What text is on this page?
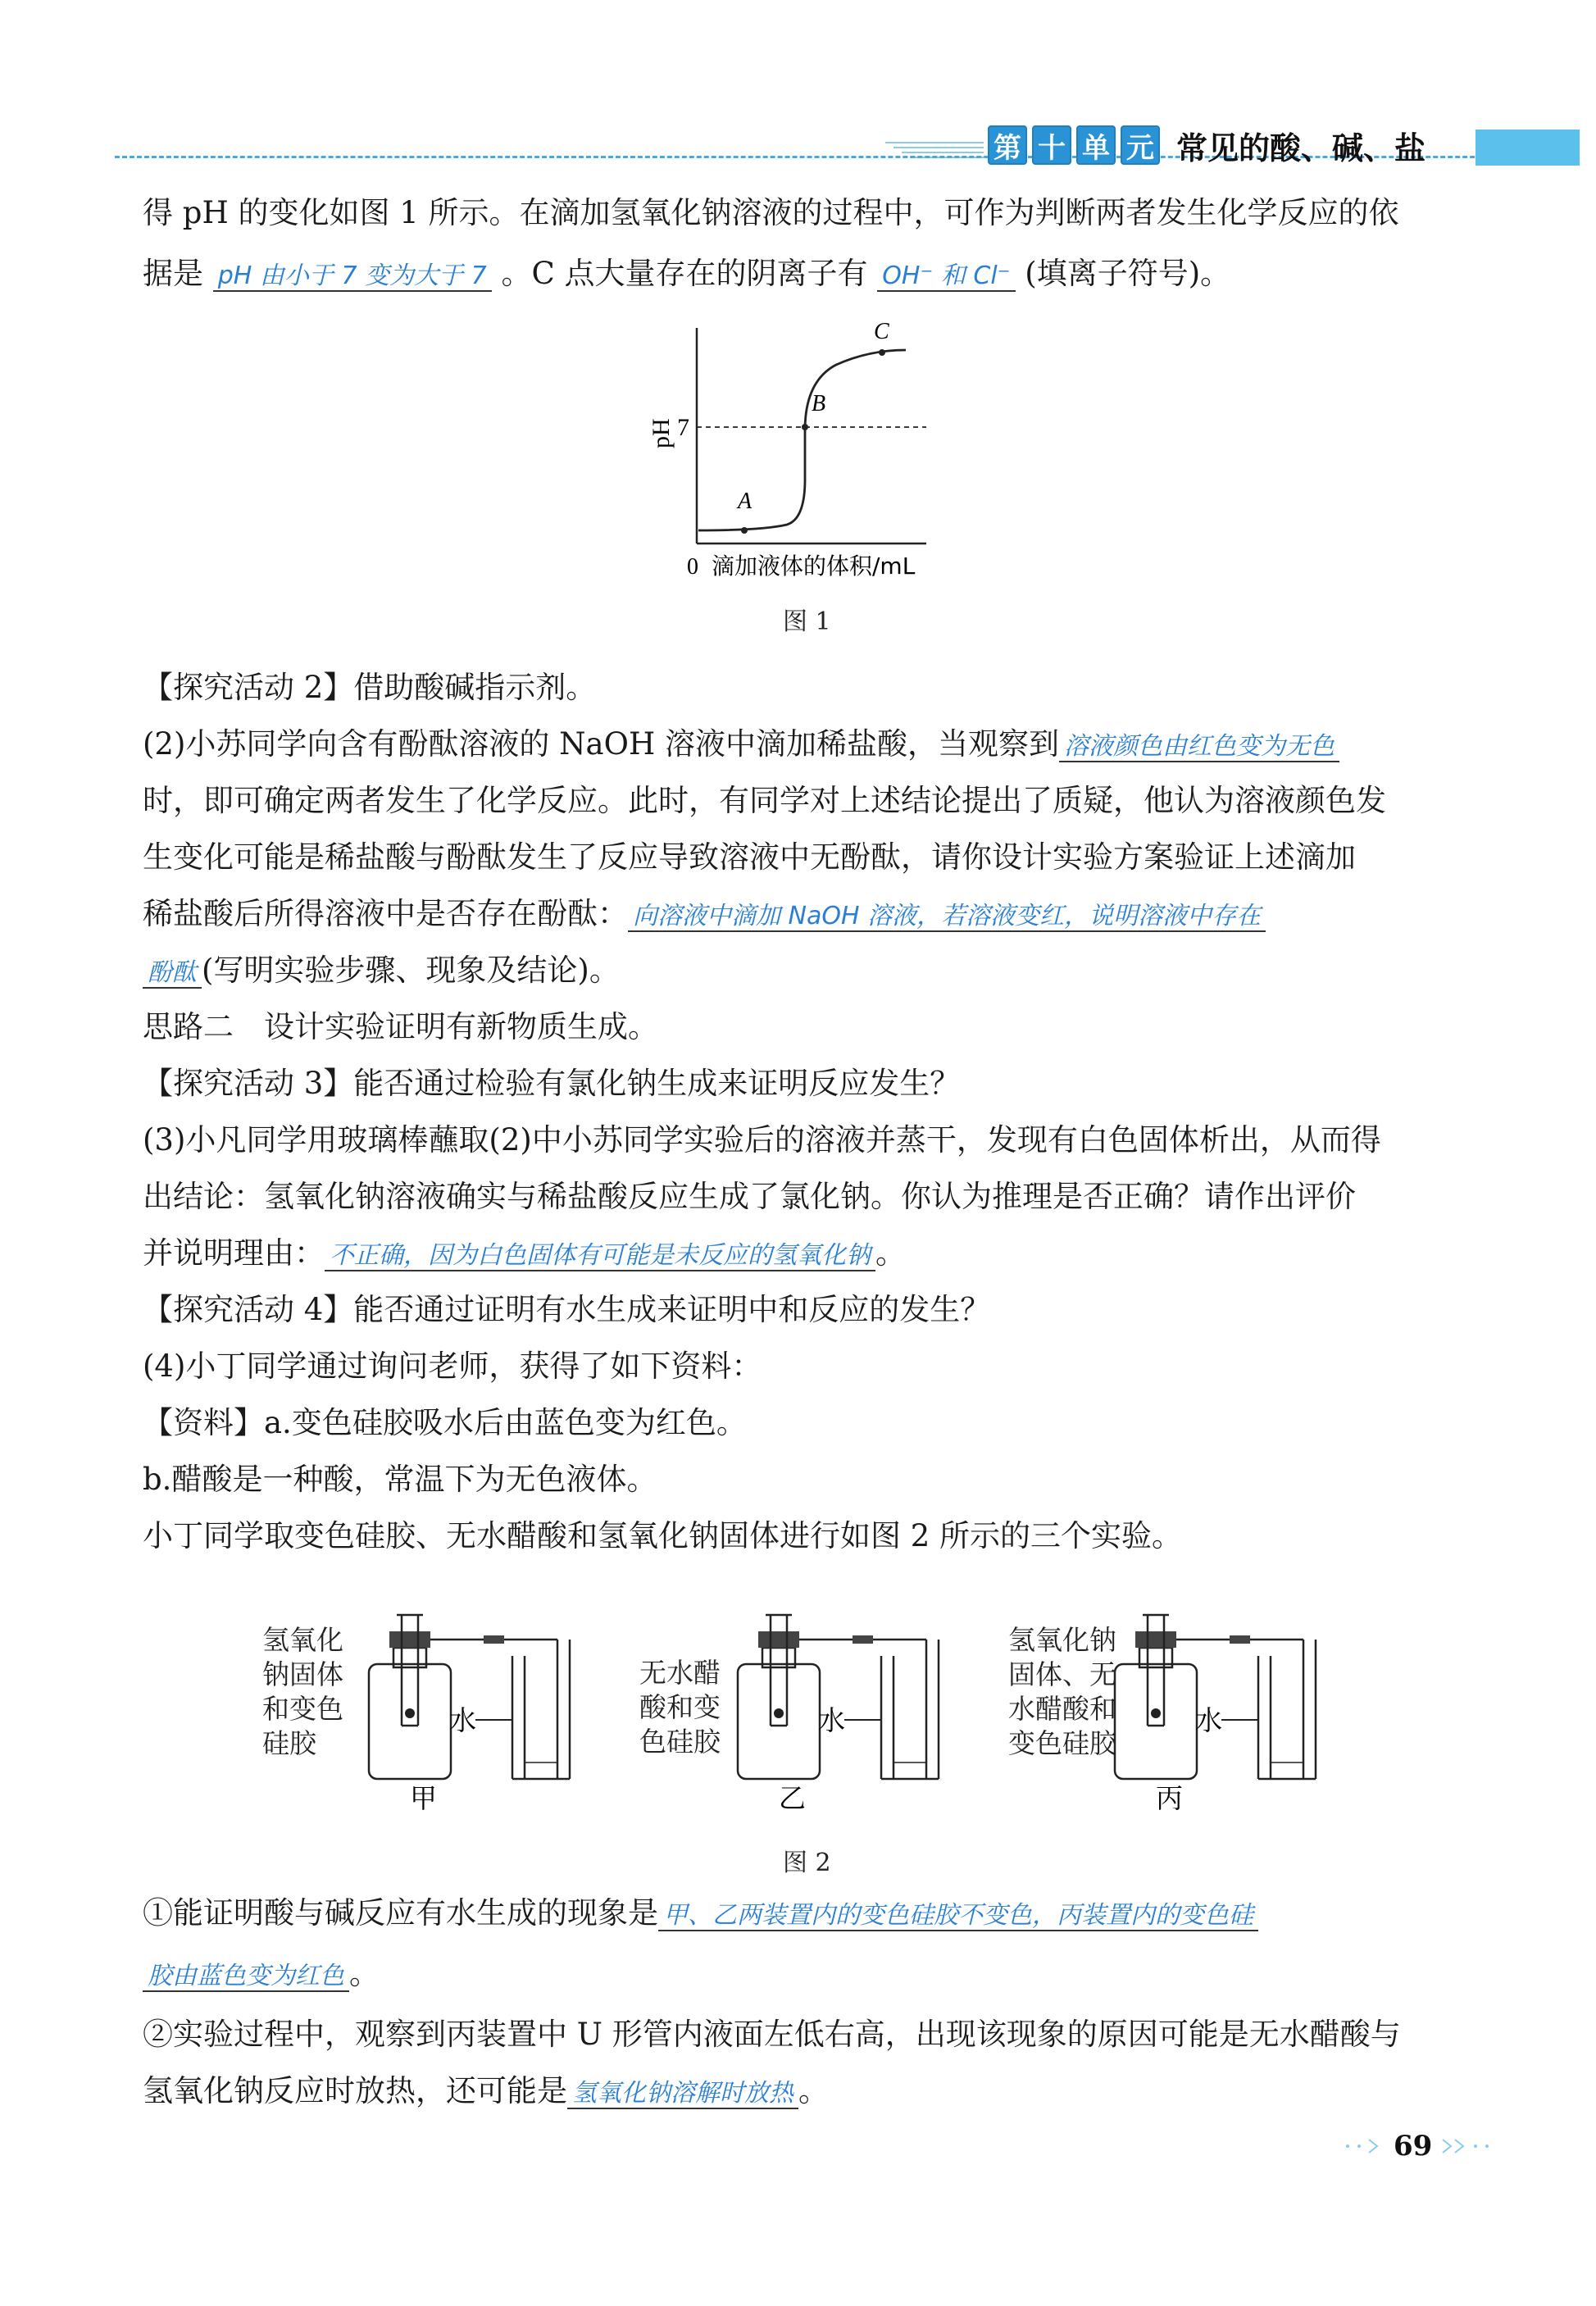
第 十 单 元 常见的酸、碱、盐
得 pH 的变化如图 1 所示。在滴加氢氧化钠溶液的过程中，可作为判断两者发生化学反应的依
据是 pH 由小于 7 变为大于 7 。C 点大量存在的阴离子有 OH⁻ 和 Cl⁻ (填离子符号)。
A
B
C
7
pH
0 滴加液体的体积/mL
图 1
【探究活动 2】借助酸碱指示剂。
(2)小苏同学向含有酚酞溶液的 NaOH 溶液中滴加稀盐酸，当观察到 溶液颜色由红色变为无色
时，即可确定两者发生了化学反应。此时，有同学对上述结论提出了质疑，他认为溶液颜色发
生变化可能是稀盐酸与酚酞发生了反应导致溶液中无酚酞，请你设计实验方案验证上述滴加
稀盐酸后所得溶液中是否存在酚酞： 向溶液中滴加 NaOH 溶液，若溶液变红，说明溶液中存在
酚酞 (写明实验步骤、现象及结论)。
思路二　设计实验证明有新物质生成。
【探究活动 3】能否通过检验有氯化钠生成来证明反应发生？
(3)小凡同学用玻璃棒蘸取(2)中小苏同学实验后的溶液并蒸干，发现有白色固体析出，从而得
出结论：氢氧化钠溶液确实与稀盐酸反应生成了氯化钠。你认为推理是否正确？请作出评价
并说明理由： 不正确，因为白色固体有可能是未反应的氢氧化钠 。
【探究活动 4】能否通过证明有水生成来证明中和反应的发生？
(4)小丁同学通过询问老师，获得了如下资料：
【资料】a.变色硅胶吸水后由蓝色变为红色。
b.醋酸是一种酸，常温下为无色液体。
小丁同学取变色硅胶、无水醋酸和氢氧化钠固体进行如图 2 所示的三个实验。
水
甲
水
乙
水
丙
氢氧化
钠固体
和变色
硅胶
无水醋
酸和变
色硅胶
氢氧化钠
固体、无
水醋酸和
变色硅胶
图 2
①能证明酸与碱反应有水生成的现象是 甲、乙两装置内的变色硅胶不变色，丙装置内的变色硅
胶由蓝色变为红色 。
②实验过程中，观察到丙装置中 U 形管内液面左低右高，出现该现象的原因可能是无水醋酸与
氢氧化钠反应时放热，还可能是 氢氧化钠溶解时放热 。
69
